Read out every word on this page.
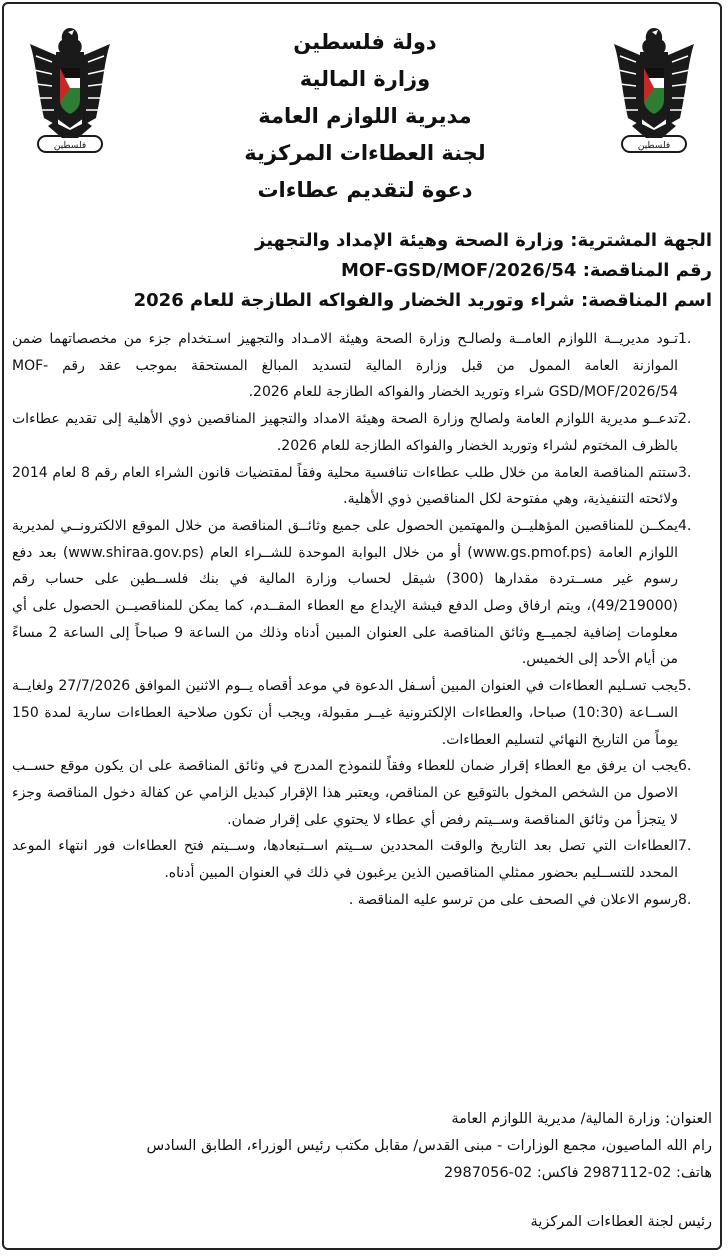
فلسطين	فلسطين
دولة فلسطين
وزارة المالية
مديرية اللوازم العامة
لجنة العطاءات المركزية
دعوة لتقديم عطاءات
الجهة المشترية: وزارة الصحة وهيئة الإمداد والتجهيز
رقم المناقصة: MOF-GSD/MOF/2026/54
اسم المناقصة: شراء وتوريد الخضار والفواكه الطازجة للعام 2026
.1
تـود مديريــة اللوازم العامــة ولصالـح وزارة الصحة وهيئة الامـداد والتجهيز اسـتخدام جزء من مخصصاتهما ضمن الموازنة العامة الممول من قبل وزارة المالية لتسديد المبالغ المستحقة بموجب عقد رقم MOF-GSD/MOF/2026/54 شراء وتوريد الخضار والفواكه الطازجة للعام 2026.
.2
تدعــو مديرية اللوازم العامة ولصالح وزارة الصحة وهيئة الامداد والتجهيز المناقصين ذوي الأهلية إلى تقديم عطاءات بالظرف المختوم لشراء وتوريد الخضار والفواكه الطازجة للعام 2026.
.3
ستتم المناقصة العامة من خلال طلب عطاءات تنافسية محلية وفقاً لمقتضيات قانون الشراء العام رقم 8 لعام 2014 ولائحته التنفيذية، وهي مفتوحة لكل المناقصين ذوي الأهلية.
.4
يمكــن للمناقصين المؤهليــن والمهتمين الحصول على جميع وثائــق المناقصة من خلال الموقع الالكترونــي لمديرية اللوازم العامة (www.gs.pmof.ps) أو من خلال البوابة الموحدة للشــراء العام (www.shiraa.gov.ps) بعد دفع رسوم غير مســتردة مقدارها (300) شيقل لحساب وزارة المالية في بنك فلســطين على حساب رقم (49/219000)، ويتم ارفاق وصل الدفع فيشة الإيداع مع العطاء المقــدم، كما يمكن للمناقصيــن الحصول على أي معلومات إضافية لجميــع وثائق المناقصة على العنوان المبين أدناه وذلك من الساعة 9 صباحاً إلى الساعة 2 مساءً من أيام الأحد إلى الخميس.
.5
يجب تسـليم العطاءات في العنوان المبين أسـفل الدعوة في موعد أقصاه يــوم الاثنين الموافق 27/7/2026 ولغايــة الســاعة (10:30) صباحا، والعطاءات الإلكترونية غيــر مقبولة، ويجب أن تكون صلاحية العطاءات سارية لمدة 150 يوماً من التاريخ النهائي لتسليم العطاءات.
.6
يجب ان يرفق مع العطاء إقرار ضمان للعطاء وفقاً للنموذج المدرج في وثائق المناقصة على ان يكون موقع حســب الاصول من الشخص المخول بالتوقيع عن المناقص، ويعتبر هذا الإقرار كبديل الزامي عن كفالة دخول المناقصة وجزء لا يتجزأ من وثائق المناقصة وســيتم رفض أي عطاء لا يحتوي على إقرار ضمان.
.7
العطاءات التي تصل بعد التاريخ والوقت المحددين ســيتم اســتبعادها، وســيتم فتح العطاءات فور انتهاء الموعد المحدد للتســليم بحضور ممثلي المناقصين الذين يرغبون في ذلك في العنوان المبين أدناه.
.8
رسوم الاعلان في الصحف على من ترسو عليه المناقصة .
العنوان: وزارة المالية/ مديرية اللوازم العامة
رام الله الماصيون، مجمع الوزارات - مبنى القدس/ مقابل مكتب رئيس الوزراء، الطابق السادس
هاتف: 02-2987112 فاكس: 02-2987056
رئيس لجنة العطاءات المركزية
